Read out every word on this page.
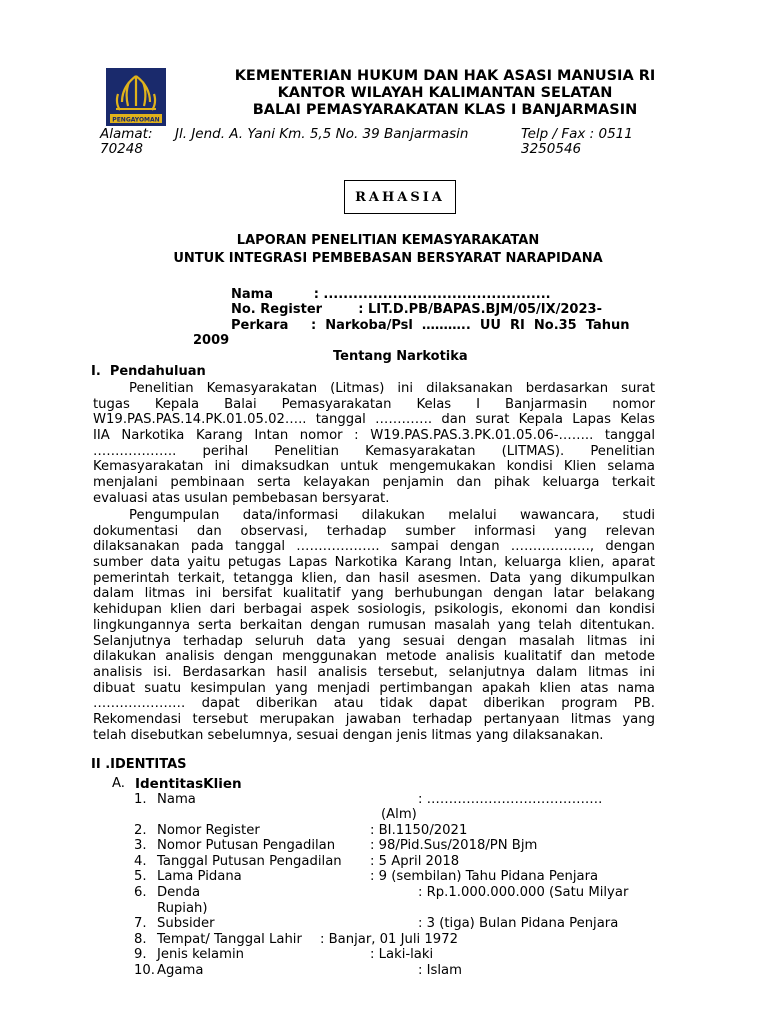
PENGAYOMAN
KEMENTERIAN HUKUM DAN HAK ASASI MANUSIA RI
KANTOR WILAYAH KALIMANTAN SELATAN
BALAI PEMASYARAKATAN KLAS I BANJARMASIN
Alamat: Jl. Jend. A. Yani Km. 5,5 No. 39 Banjarmasin
70248
Telp / Fax : 0511
3250546
RAHASIA
LAPORAN PENELITIAN KEMASYARAKATAN
UNTUK INTEGRASI PEMBEBASAN BERSYARAT NARAPIDANA
Nama         : ..............................................
No. Register        : LIT.D.PB/BAPAS.BJM/05/IX/2023-
Perkara     :  Narkoba/Psl  ………..  UU  RI  No.35  Tahun
2009
Tentang Narkotika
I.  Pendahuluan
Penelitian Kemasyarakatan (Litmas) ini dilaksanakan berdasarkan surat
tugas Kepala Balai Pemasyarakatan Kelas I Banjarmasin nomor
W19.PAS.PAS.14.PK.01.05.02….. tanggal …………. dan surat Kepala Lapas Kelas
IIA Narkotika Karang Intan nomor : W19.PAS.PAS.3.PK.01.05.06-…….. tanggal
………………. perihal Penelitian Kemasyarakatan (LITMAS). Penelitian
Kemasyarakatan ini dimaksudkan untuk mengemukakan kondisi Klien selama
menjalani pembinaan serta kelayakan penjamin dan pihak keluarga terkait
evaluasi atas usulan pembebasan bersyarat.
Pengumpulan data/informasi dilakukan melalui wawancara, studi
dokumentasi dan observasi, terhadap sumber informasi yang relevan
dilaksanakan pada tanggal ………………. sampai dengan ………………, dengan
sumber data yaitu petugas Lapas Narkotika Karang Intan, keluarga klien, aparat
pemerintah terkait, tetangga klien, dan hasil asesmen. Data yang dikumpulkan
dalam litmas ini bersifat kualitatif yang berhubungan dengan latar belakang
kehidupan klien dari berbagai aspek sosiologis, psikologis, ekonomi dan kondisi
lingkungannya serta berkaitan dengan rumusan masalah yang telah ditentukan.
Selanjutnya terhadap seluruh data yang sesuai dengan masalah litmas ini
dilakukan analisis dengan menggunakan metode analisis kualitatif dan metode
analisis isi. Berdasarkan hasil analisis tersebut, selanjutnya dalam litmas ini
dibuat suatu kesimpulan yang menjadi pertimbangan apakah klien atas nama
………………… dapat diberikan atau tidak dapat diberikan program PB.
Rekomendasi tersebut merupakan jawaban terhadap pertanyaan litmas yang
telah disebutkan sebelumnya, sesuai dengan jenis litmas yang dilaksanakan.
II .IDENTITAS
A. IdentitasKlien
1. Nama	: ………………………………….
(Alm)
2. Nomor Register	: BI.1150/2021
3. Nomor Putusan Pengadilan	: 98/Pid.Sus/2018/PN Bjm
4. Tanggal Putusan Pengadilan : 5 April 2018
5. Lama Pidana	: 9 (sembilan) Tahu Pidana Penjara
6. Denda	: Rp.1.000.000.000 (Satu Milyar
Rupiah)
7. Subsider	: 3 (tiga) Bulan Pidana Penjara
8. Tempat/ Tanggal Lahir : Banjar, 01 Juli 1972
9. Jenis kelamin	: Laki-laki
10. Agama	: Islam
